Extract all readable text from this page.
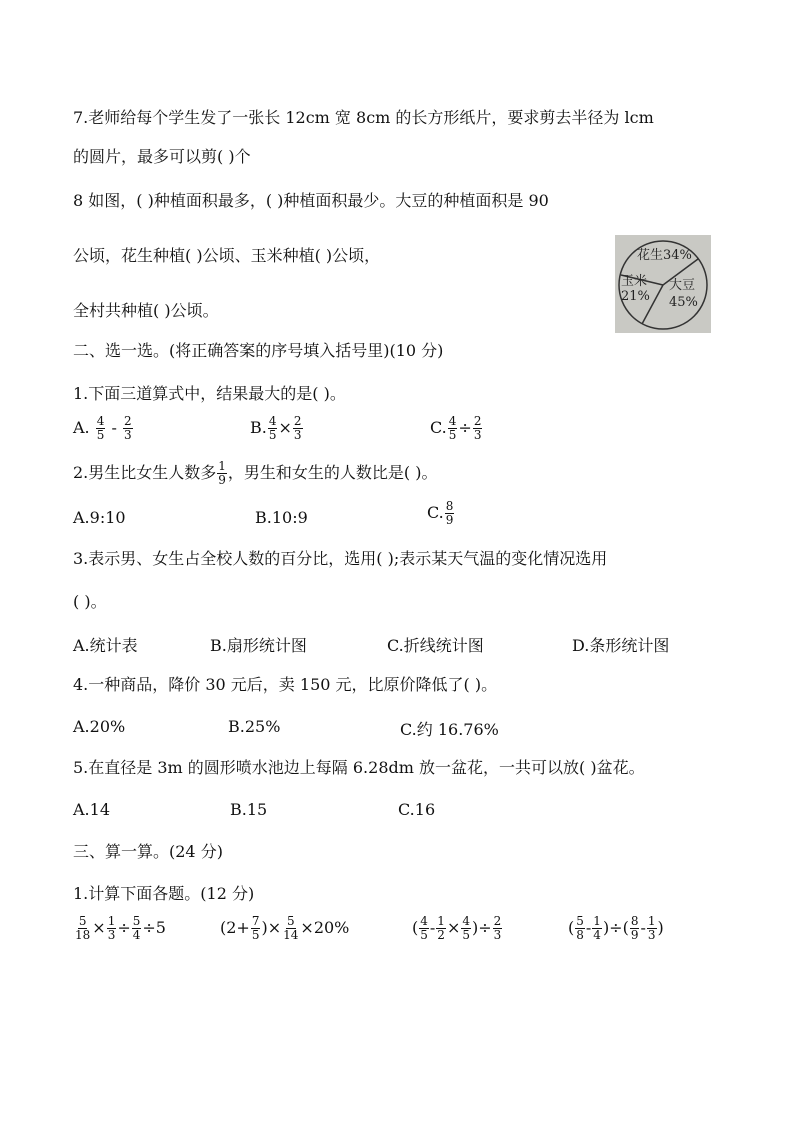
7.老师给每个学生发了一张长 12cm 宽 8cm 的长方形纸片，要求剪去半径为 lcm
的圆片，最多可以剪( )个
8 如图，( )种植面积最多，( )种植面积最少。大豆的种植面积是 90
公顷，花生种植( )公顷、玉米种植( )公顷，
全村共种植( )公顷。
花生34%
玉米
21%
大豆
45%
二、选一选。(将正确答案的序号填入括号里)(10 分)
1.下面三道算式中，结果最大的是( )。
A. $\frac{4}{5} - \frac{2}{3}$	B. $\frac{4}{5} \times \frac{2}{3}$	C. $\frac{4}{5} \div \frac{2}{3}$
2.男生比女生人数多 $\frac{1}{9}$ ，男生和女生的人数比是( )。
A.9:10	B.10:9	C. $\frac{8}{9}$
3.表示男、女生占全校人数的百分比，选用( );表示某天气温的变化情况选用
( )。
A.统计表	B.扇形统计图	C.折线统计图	D.条形统计图
4.一种商品，降价 30 元后，卖 150 元，比原价降低了( )。
A.20%	B.25%	C.约 16.76%
5.在直径是 3m 的圆形喷水池边上每隔 6.28dm 放一盆花，一共可以放( )盆花。
A.14	B.15	C.16
三、算一算。(24 分)
1.计算下面各题。(12 分)
$\frac{5}{18} \times \frac{1}{3} \div \frac{5}{4} \div 5$	($2+ \frac{7}{5}$ )× $\frac{5}{14} \times 20\%$	( $\frac{4}{5} - \frac{1}{2} \times \frac{4}{5}$ )÷ $\frac{2}{3}$	( $\frac{5}{8} - \frac{1}{4}$ )÷( $\frac{8}{9} - \frac{1}{3}$ )
